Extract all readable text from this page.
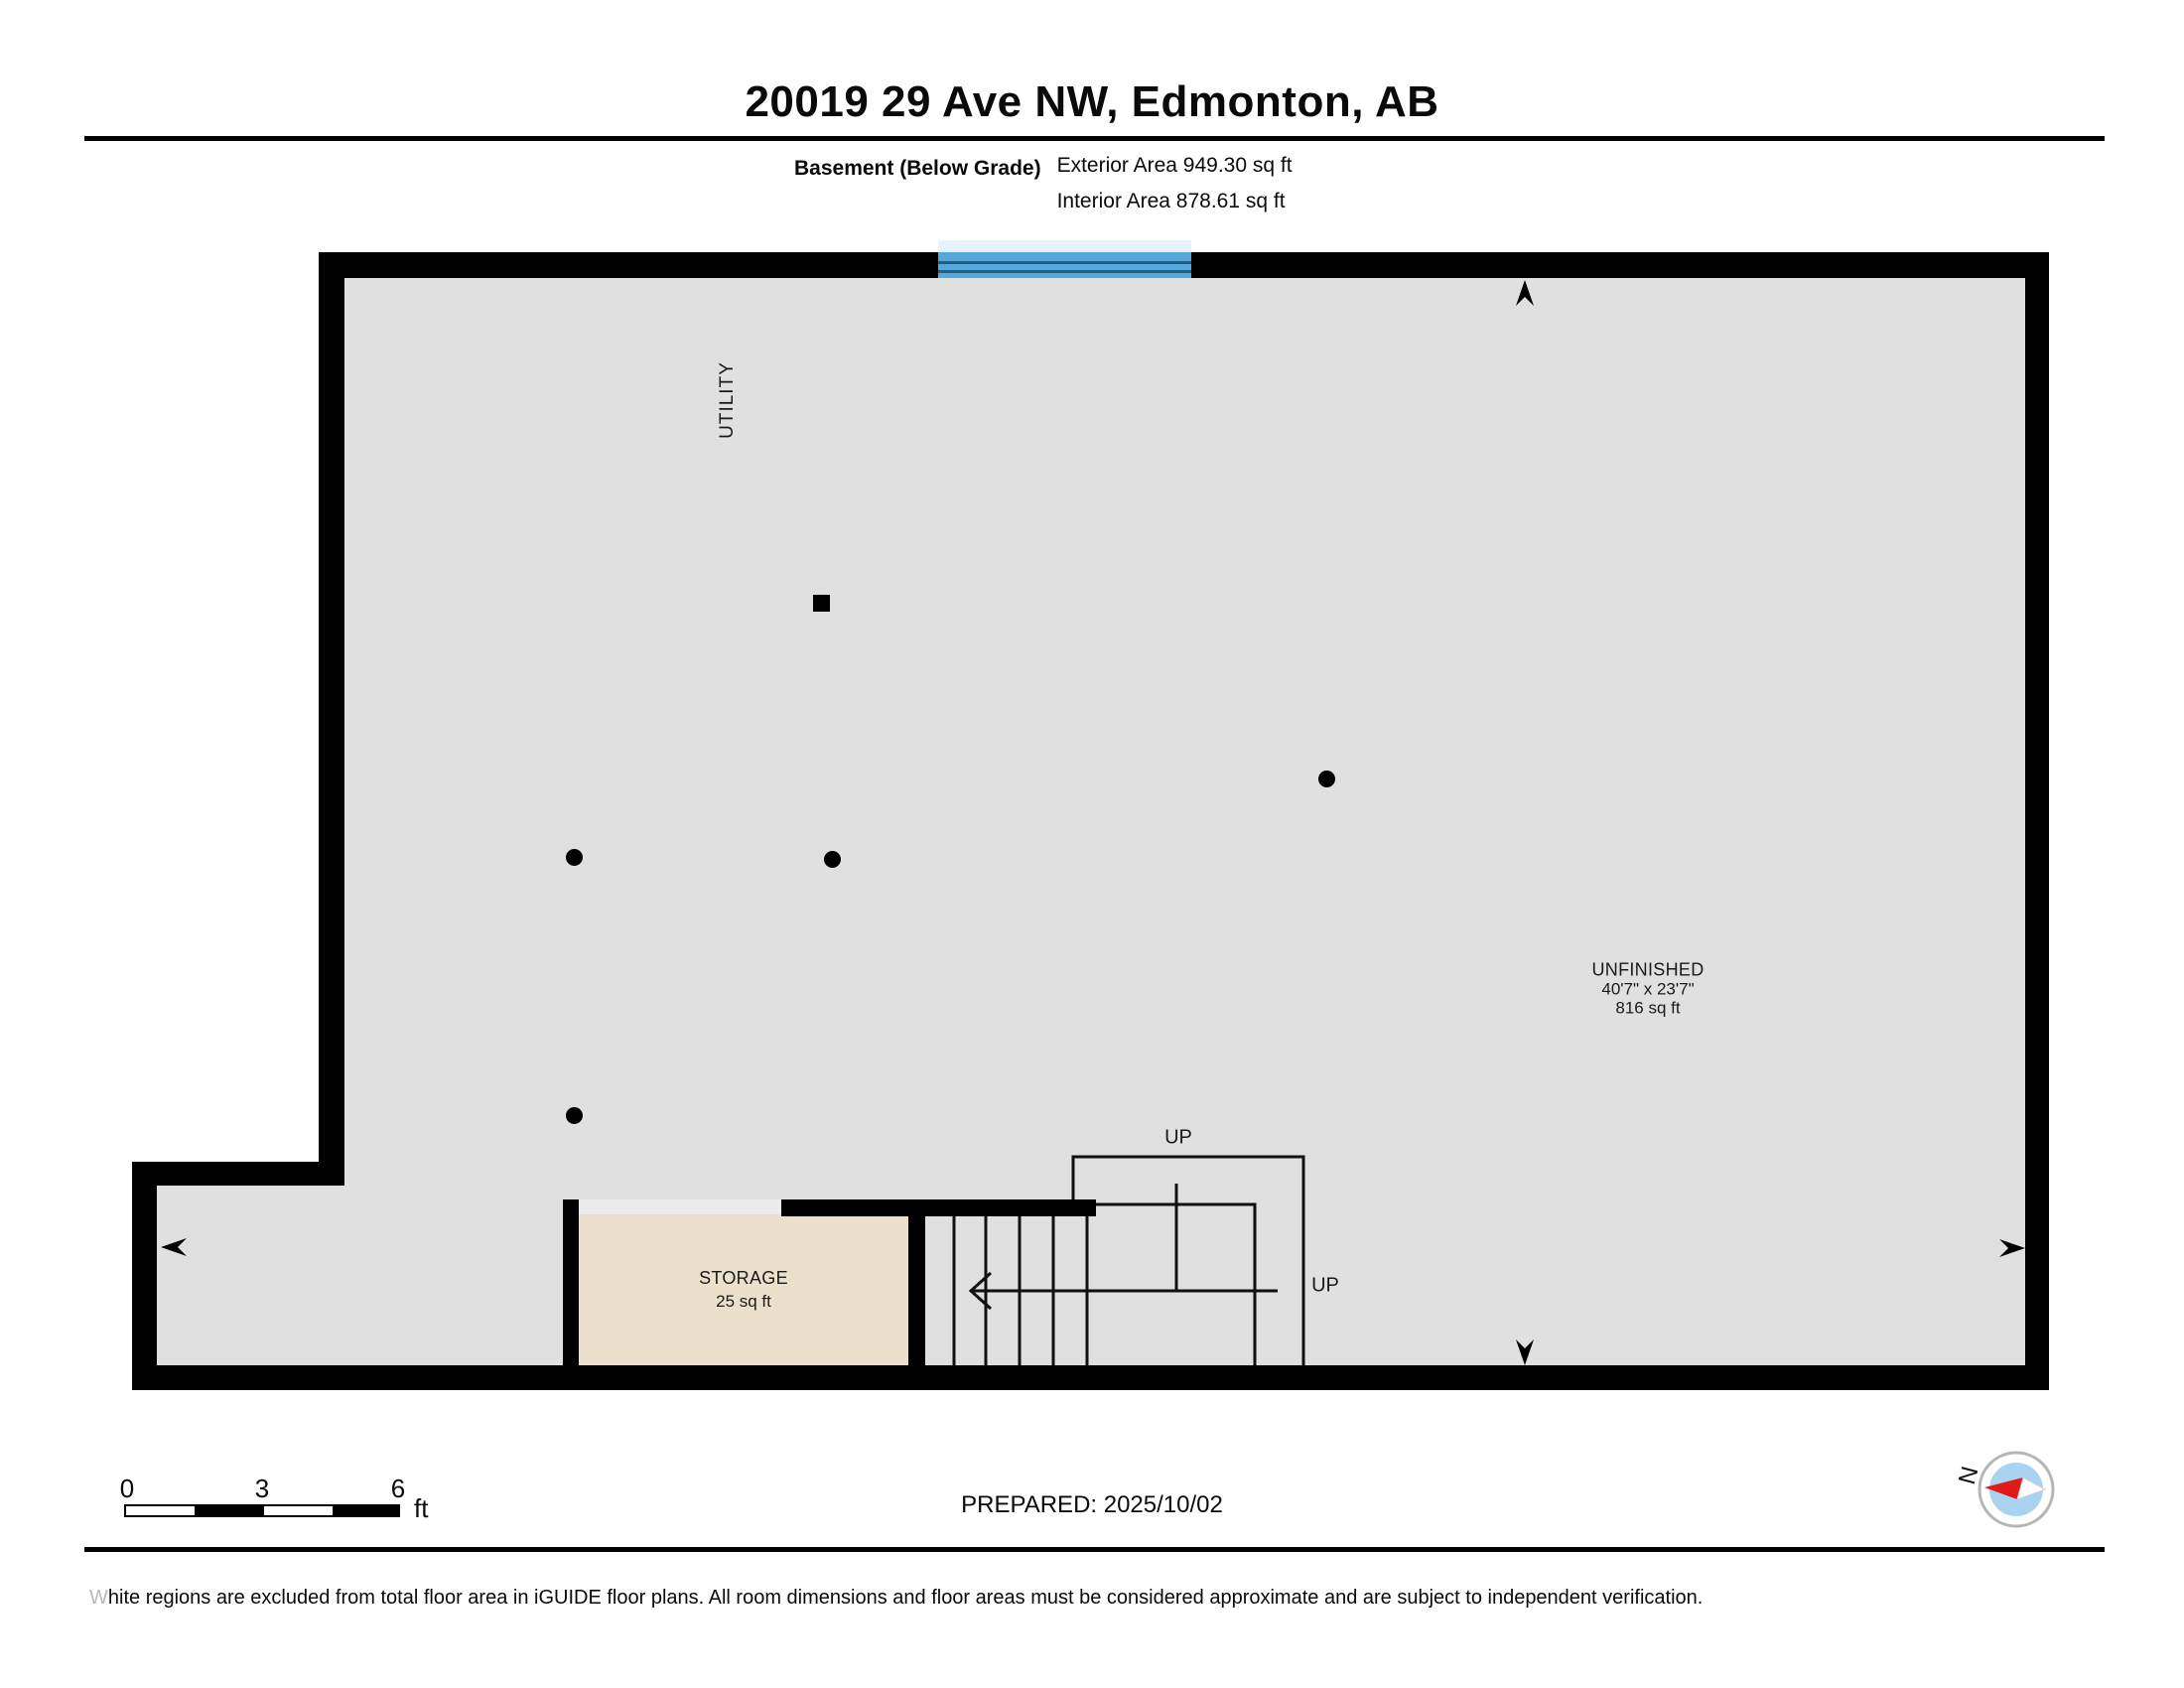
20019 29 Ave NW, Edmonton, AB
Basement (Below Grade) Exterior Area 949.30 sq ft
Interior Area 878.61 sq ft
STORAGE
25 sq ft
UTILITY
UNFINISHED
40'7" x 23'7"
816 sq ft
UP
UP
0	3	6
ft	PREPARED: 2025/10/02
N
White regions are excluded from total floor area in iGUIDE floor plans. All room dimensions and floor areas must be considered approximate and are subject to independent verification.
